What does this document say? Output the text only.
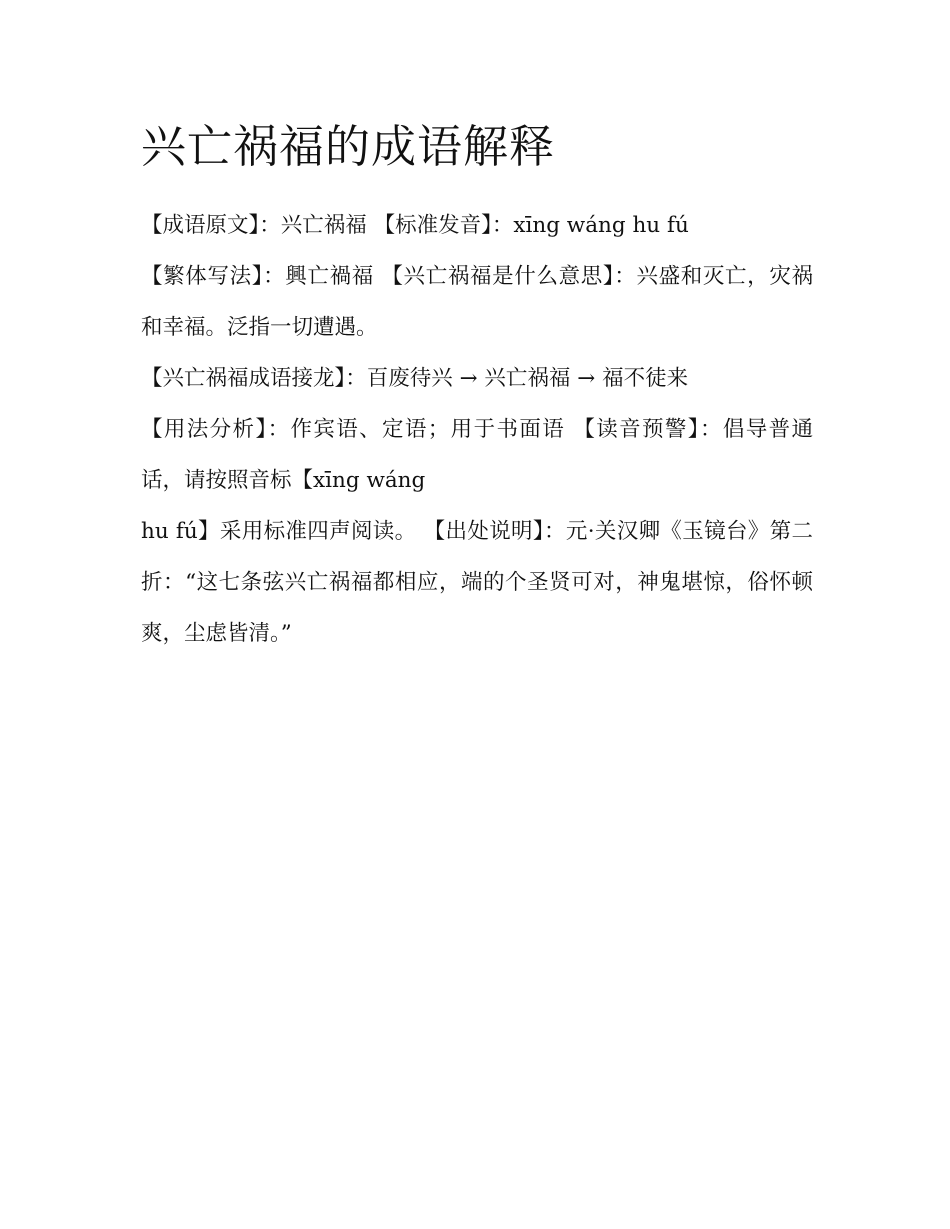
兴亡祸福的成语解释

【成语原文】：兴亡祸福 【标准发音】：xīng wáng hu fú
【繁体写法】：興亡禍福 【兴亡祸福是什么意思】：兴盛和灭亡，灾祸和幸福。泛指一切遭遇。
【兴亡祸福成语接龙】：百废待兴 → 兴亡祸福 → 福不徒来
【用法分析】：作宾语、定语；用于书面语 【读音预警】：倡导普通话，请按照音标【xīng wáng
hu fú】采用标准四声阅读。 【出处说明】：元·关汉卿《玉镜台》第二折：“这七条弦兴亡祸福都相应，端的个圣贤可对，神鬼堪惊，俗怀顿爽，尘虑皆清。”
